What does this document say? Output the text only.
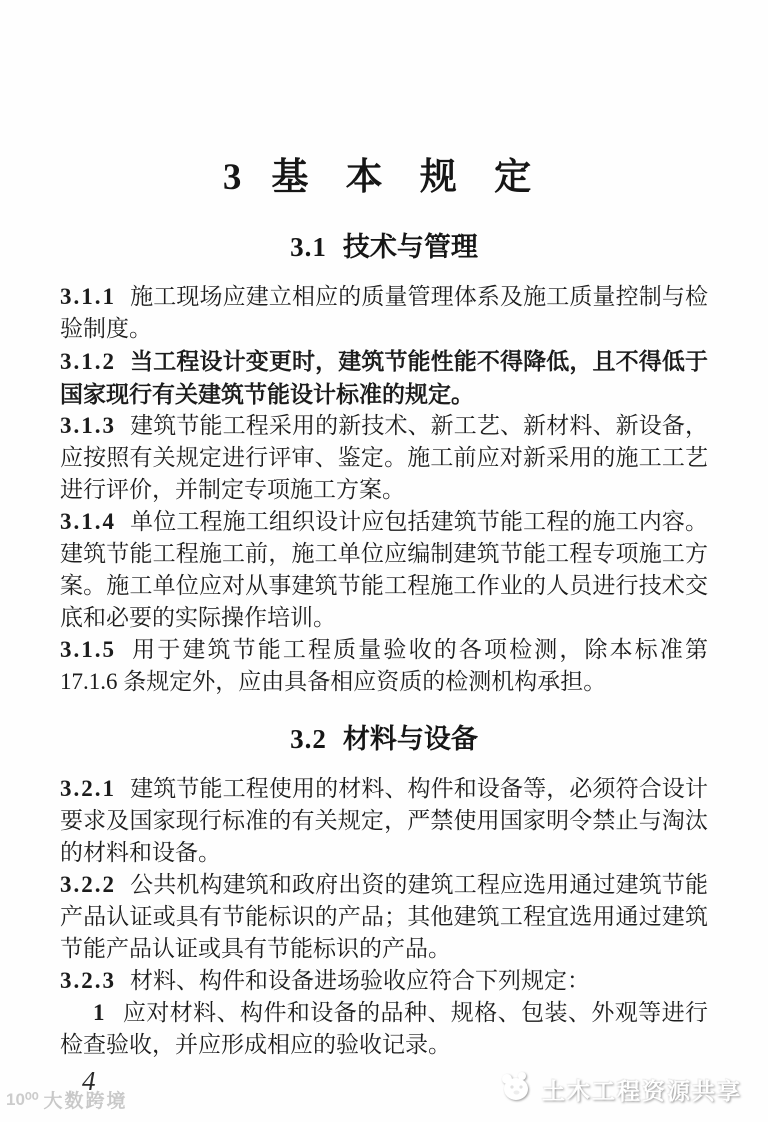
3 基 本 规 定
3.1 技术与管理

3.1.1 施工现场应建立相应的质量管理体系及施工质量控制与检验制度。

3.1.2 当工程设计变更时，建筑节能性能不得降低，且不得低于国家现行有关建筑节能设计标准的规定。

3.1.3 建筑节能工程采用的新技术、新工艺、新材料、新设备，应按照有关规定进行评审、鉴定。施工前应对新采用的施工工艺进行评价，并制定专项施工方案。

3.1.4 单位工程施工组织设计应包括建筑节能工程的施工内容。建筑节能工程施工前，施工单位应编制建筑节能工程专项施工方案。施工单位应对从事建筑节能工程施工作业的人员进行技术交底和必要的实际操作培训。

3.1.5 用于建筑节能工程质量验收的各项检测，除本标准第 17.1.6 条规定外，应由具备相应资质的检测机构承担。

3.2 材料与设备

3.2.1 建筑节能工程使用的材料、构件和设备等，必须符合设计要求及国家现行标准的有关规定，严禁使用国家明令禁止与淘汰的材料和设备。

3.2.2 公共机构建筑和政府出资的建筑工程应选用通过建筑节能产品认证或具有节能标识的产品；其他建筑工程宜选用通过建筑节能产品认证或具有节能标识的产品。

3.2.3 材料、构件和设备进场验收应符合下列规定：

1 应对材料、构件和设备的品种、规格、包装、外观等进行检查验收，并应形成相应的验收记录。

4
10⁰⁰ 大数跨境	土木工程资源共享
